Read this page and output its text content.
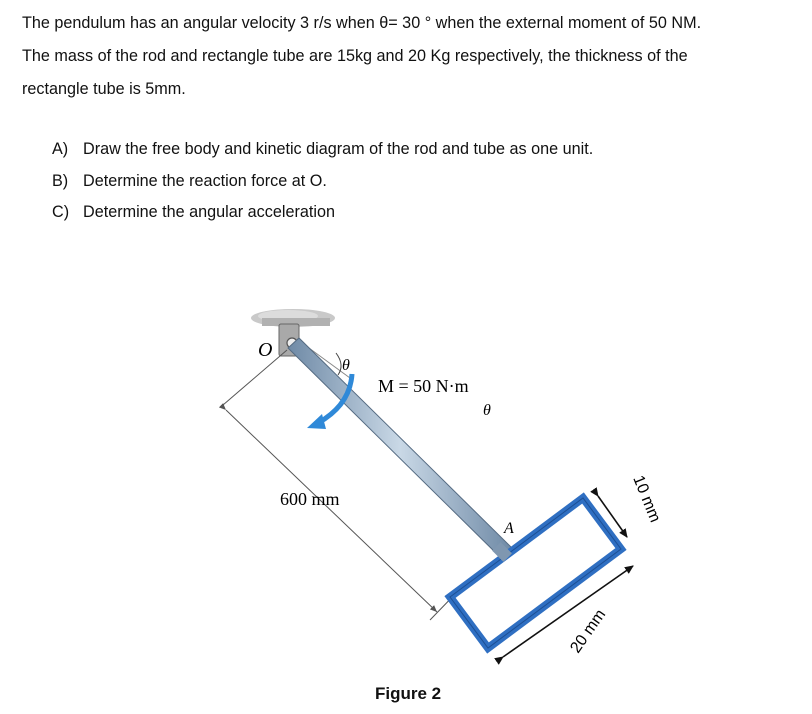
The pendulum has an angular velocity 3 r/s when θ= 30 ° when the external moment of 50 NM.

The mass of the rod and rectangle tube are 15kg and 20 Kg respectively, the thickness of the

rectangle tube is 5mm.

A) Draw the free body and kinetic diagram of the rod and tube as one unit.
B) Determine the reaction force at O.
C) Determine the angular acceleration
O
θ
M = 50 N·m
θ
600 mm
A
10 mm
20 mm
Figure 2
